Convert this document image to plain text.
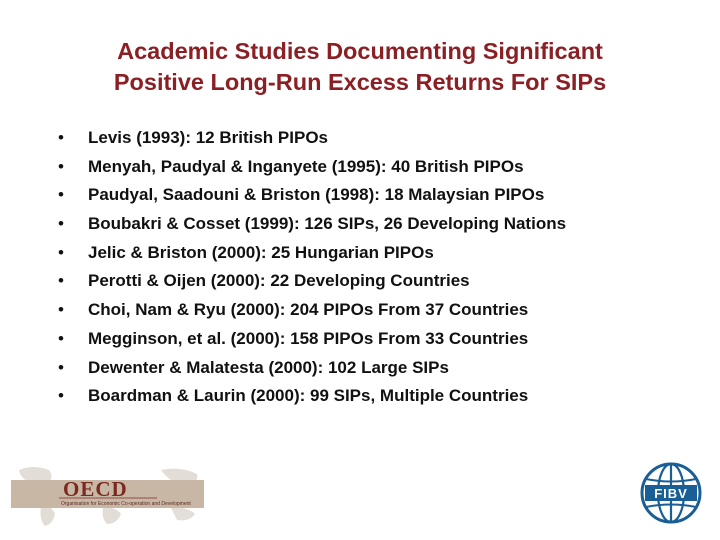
Academic Studies Documenting Significant
Positive Long-Run Excess Returns For SIPs
•	Levis (1993): 12 British PIPOs
•	Menyah, Paudyal & Inganyete (1995): 40 British PIPOs
•	Paudyal, Saadouni & Briston (1998): 18 Malaysian PIPOs
•	Boubakri & Cosset (1999): 126 SIPs, 26 Developing Nations
•	Jelic & Briston (2000): 25 Hungarian PIPOs
•	Perotti & Oijen (2000): 22 Developing Countries
•	Choi, Nam & Ryu (2000): 204 PIPOs From 37 Countries
•	Megginson, et al. (2000): 158 PIPOs From 33 Countries
•	Dewenter & Malatesta (2000): 102 Large SIPs
•	Boardman & Laurin (2000): 99 SIPs, Multiple Countries
OECD
Organisation for Economic Co-operation and Development
FIBV
